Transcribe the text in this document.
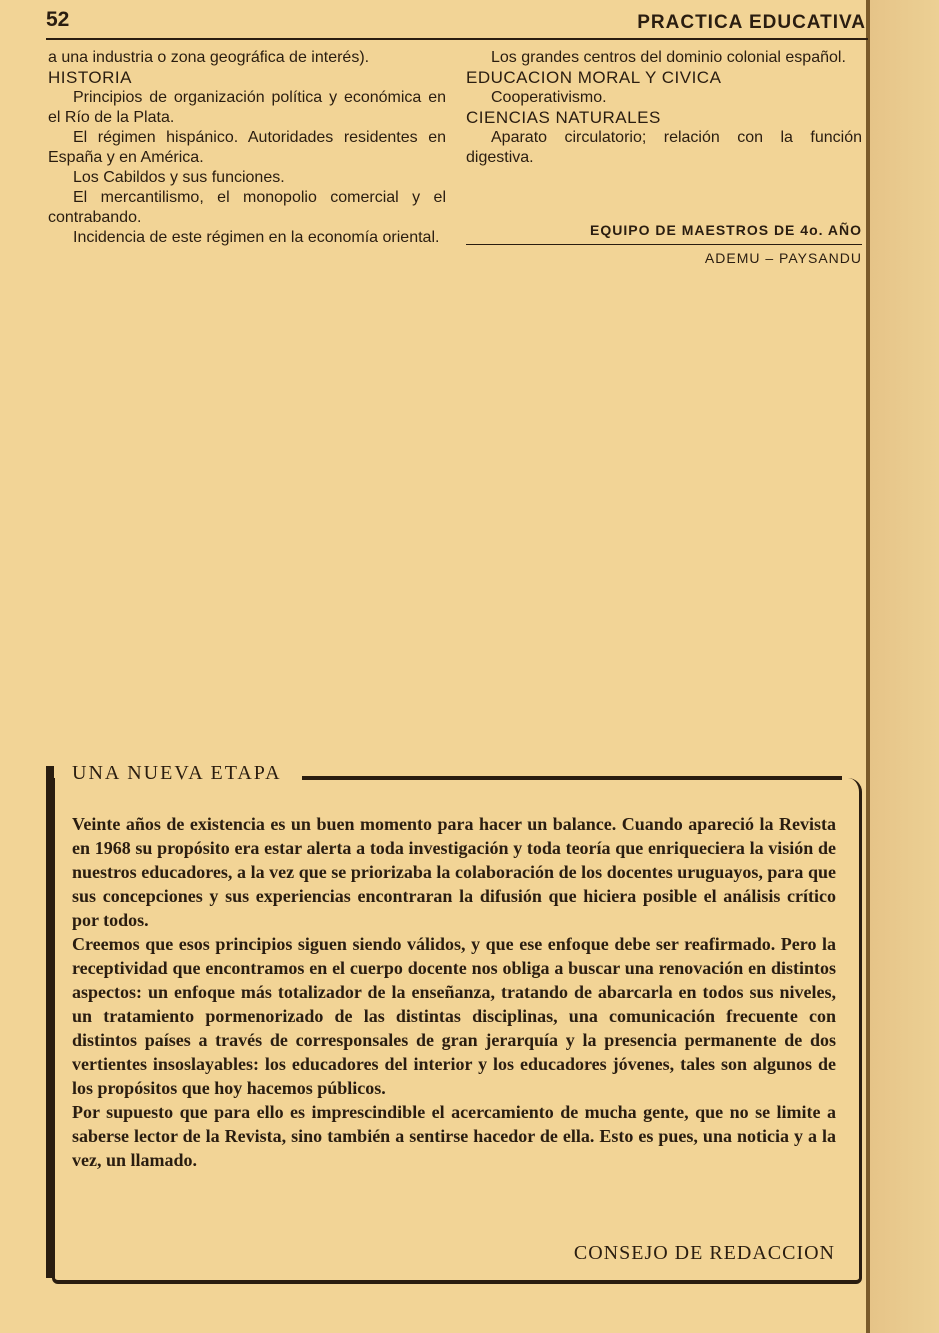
52	PRACTICA EDUCATIVA

a una industria o zona geográfica de interés).

HISTORIA

Principios de organización política y económica en el Río de la Plata.

El régimen hispánico. Autoridades residentes en España y en América.

Los Cabildos y sus funciones.

El mercantilismo, el monopolio comercial y el contrabando.

Incidencia de este régimen en la economía oriental.

Los grandes centros del dominio colonial español.

EDUCACION MORAL Y CIVICA

Cooperativismo.

CIENCIAS NATURALES

Aparato circulatorio; relación con la función digestiva.

EQUIPO DE MAESTROS DE 4o. AÑO
ADEMU – PAYSANDU
UNA NUEVA ETAPA

Veinte años de existencia es un buen momento para hacer un balance. Cuando apareció la Revista en 1968 su propósito era estar alerta a toda investigación y toda teoría que enriqueciera la visión de nuestros educadores, a la vez que se priorizaba la colaboración de los docentes uruguayos, para que sus concepciones y sus experiencias encontraran la difusión que hiciera posible el análisis crítico por todos.

Creemos que esos principios siguen siendo válidos, y que ese enfoque debe ser reafirmado. Pero la receptividad que encontramos en el cuerpo docente nos obliga a buscar una renovación en distintos aspectos: un enfoque más totalizador de la enseñanza, tratando de abarcarla en todos sus niveles, un tratamiento pormenorizado de las distintas disciplinas, una comunicación frecuente con distintos países a través de corresponsales de gran jerarquía y la presencia permanente de dos vertientes insoslayables: los educadores del interior y los educadores jóvenes, tales son algunos de los propósitos que hoy hacemos públicos.

Por supuesto que para ello es imprescindible el acercamiento de mucha gente, que no se limite a saberse lector de la Revista, sino también a sentirse hacedor de ella. Esto es pues, una noticia y a la vez, un llamado.

CONSEJO DE REDACCION
